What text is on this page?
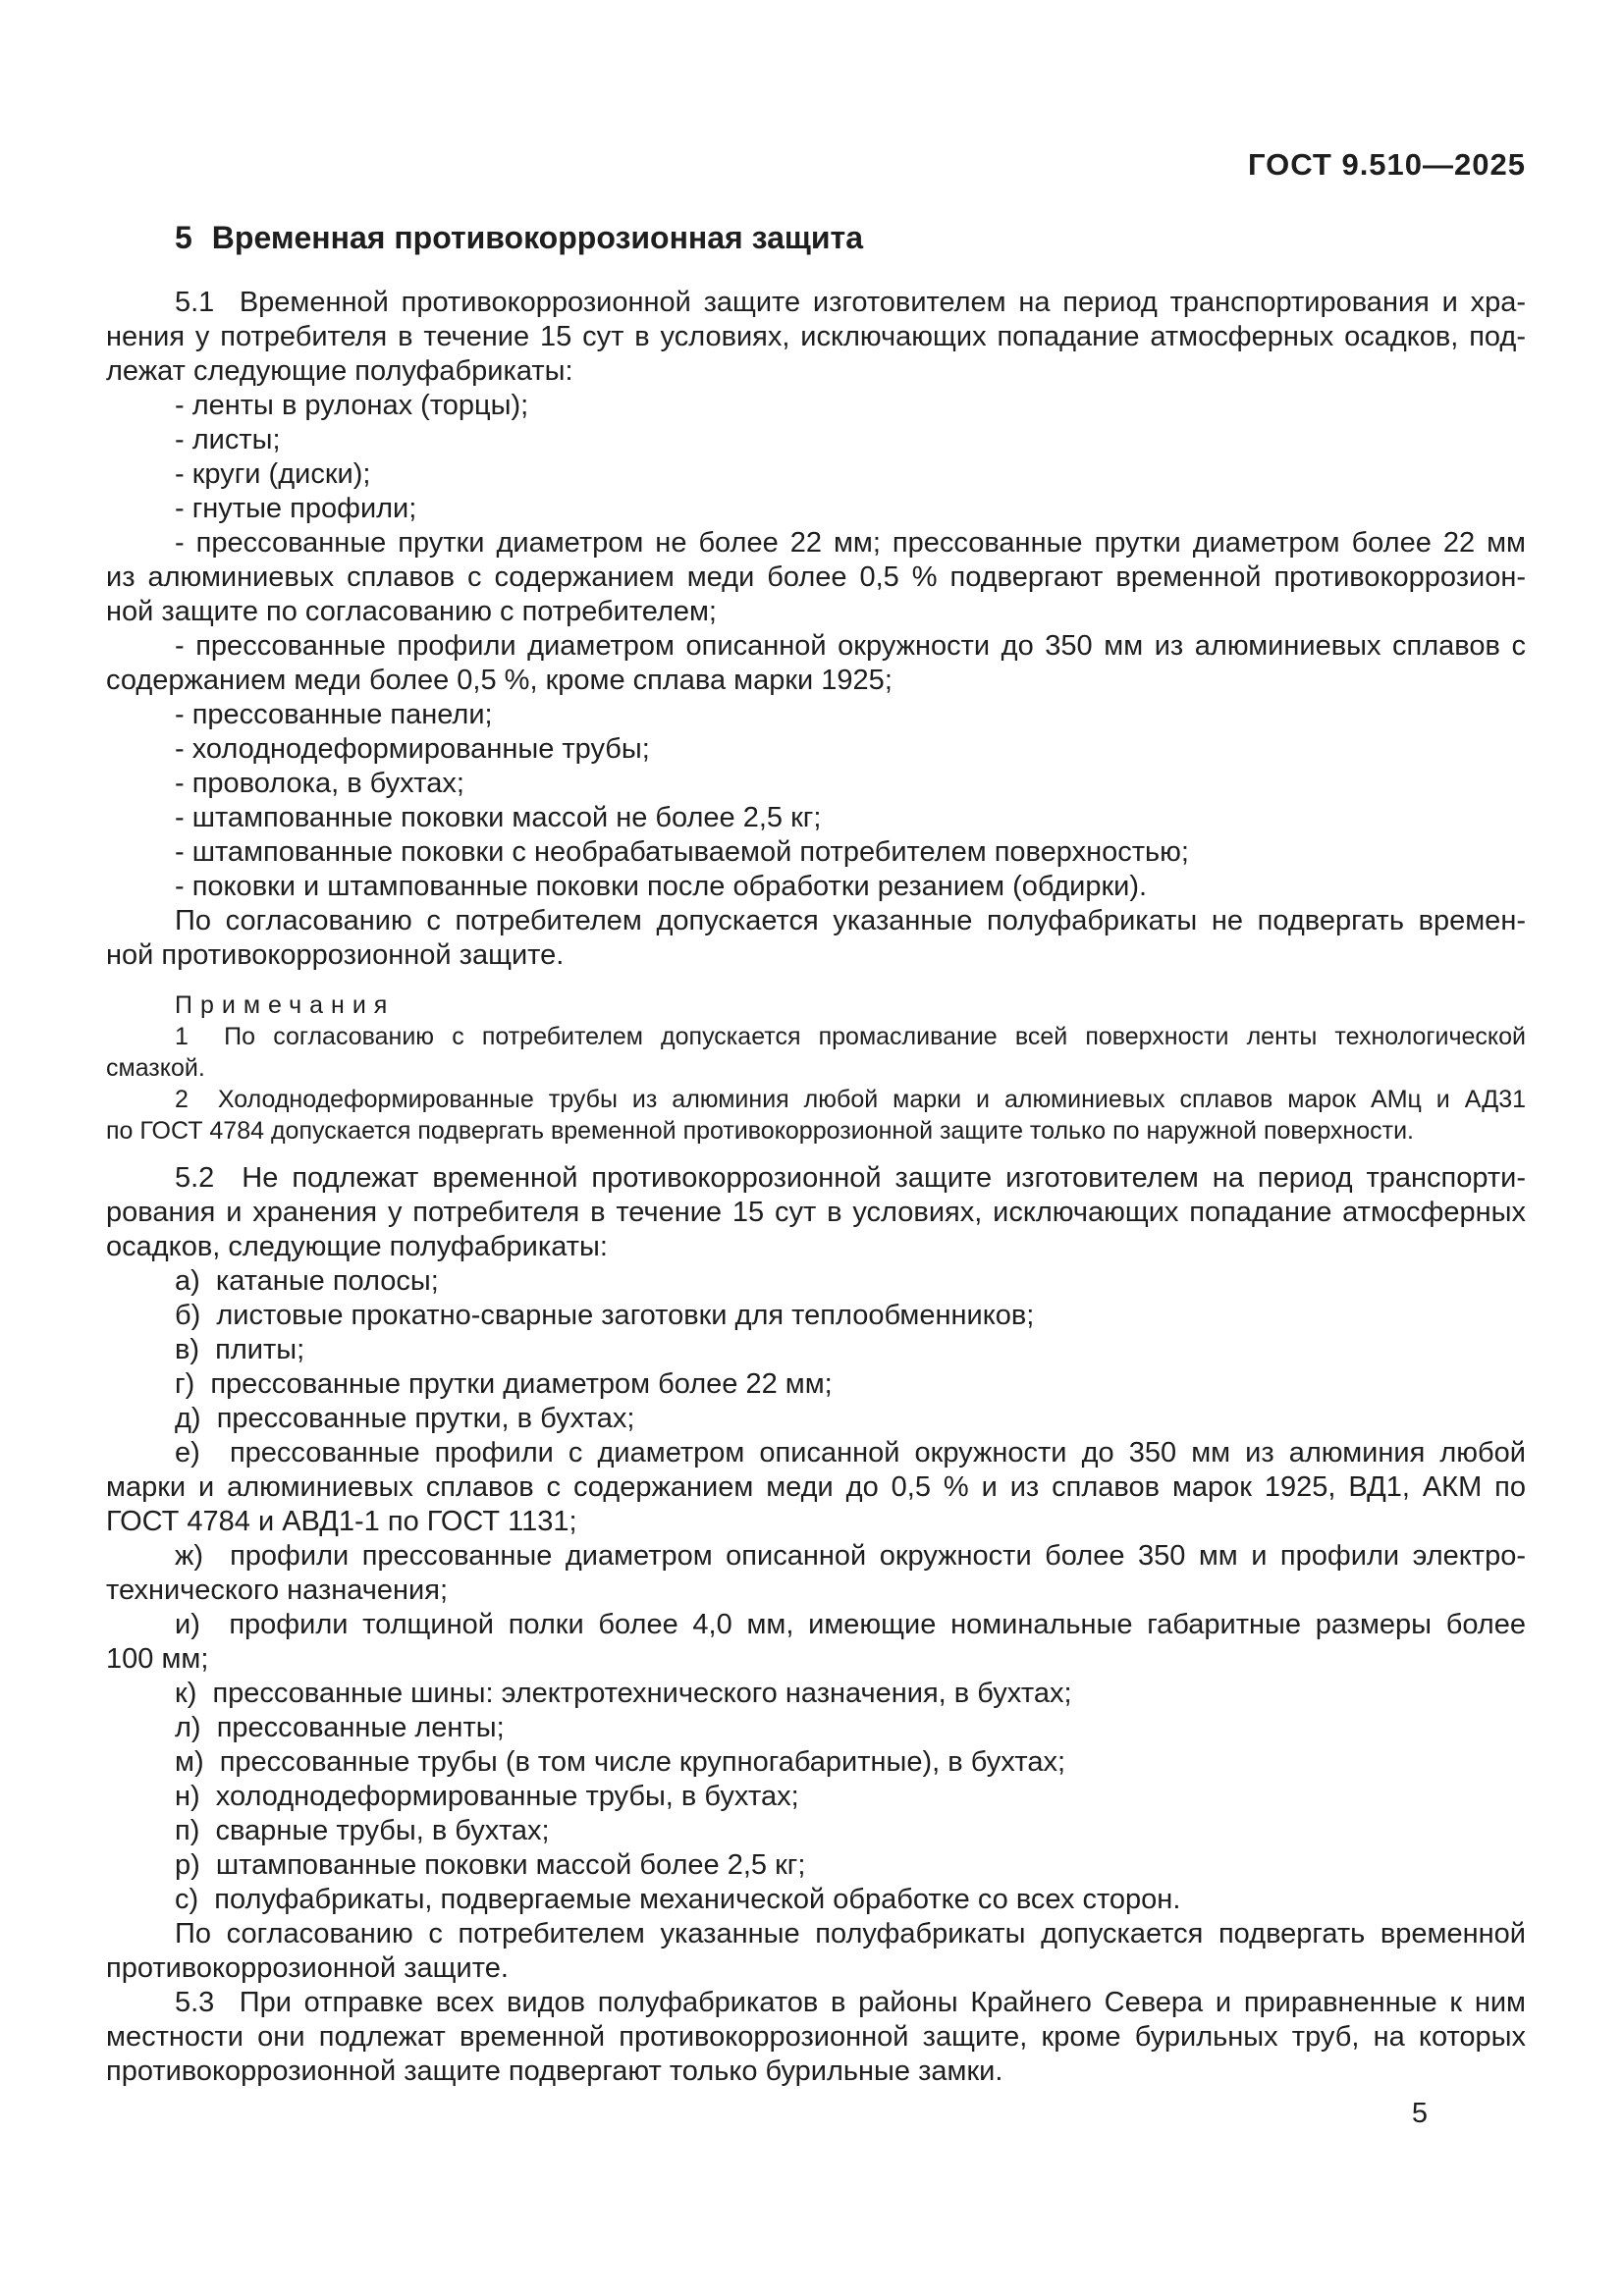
ГОСТ 9.510—2025
5 Временная противокоррозионная защита
5.1  Временной противокоррозионной защите изготовителем на период транспортирования и хра-
нения у потребителя в течение 15 сут в условиях, исключающих попадание атмосферных осадков, под-
лежат следующие полуфабрикаты:
- ленты в рулонах (торцы);
- листы;
- круги (диски);
- гнутые профили;
- прессованные прутки диаметром не более 22 мм; прессованные прутки диаметром более 22 мм
из алюминиевых сплавов с содержанием меди более 0,5 % подвергают временной противокоррозион-
ной защите по согласованию с потребителем;
- прессованные профили диаметром описанной окружности до 350 мм из алюминиевых сплавов с
содержанием меди более 0,5 %, кроме сплава марки 1925;
- прессованные панели;
- холоднодеформированные трубы;
- проволока, в бухтах;
- штампованные поковки массой не более 2,5 кг;
- штампованные поковки с необрабатываемой потребителем поверхностью;
- поковки и штампованные поковки после обработки резанием (обдирки).
По согласованию с потребителем допускается указанные полуфабрикаты не подвергать времен-
ной противокоррозионной защите.
Примечания
1  По согласованию с потребителем допускается промасливание всей поверхности ленты технологической
смазкой.
2  Холоднодеформированные трубы из алюминия любой марки и алюминиевых сплавов марок АМц и АД31
по ГОСТ 4784 допускается подвергать временной противокоррозионной защите только по наружной поверхности.
5.2  Не подлежат временной противокоррозионной защите изготовителем на период транспорти-
рования и хранения у потребителя в течение 15 сут в условиях, исключающих попадание атмосферных
осадков, следующие полуфабрикаты:
а)  катаные полосы;
б)  листовые прокатно-сварные заготовки для теплообменников;
в)  плиты;
г)  прессованные прутки диаметром более 22 мм;
д)  прессованные прутки, в бухтах;
е)  прессованные профили с диаметром описанной окружности до 350 мм из алюминия любой
марки и алюминиевых сплавов с содержанием меди до 0,5 % и из сплавов марок 1925, ВД1, АКМ по
ГОСТ 4784 и АВД1-1 по ГОСТ 1131;
ж)  профили прессованные диаметром описанной окружности более 350 мм и профили электро-
технического назначения;
и)  профили толщиной полки более 4,0 мм, имеющие номинальные габаритные размеры более
100 мм;
к)  прессованные шины: электротехнического назначения, в бухтах;
л)  прессованные ленты;
м)  прессованные трубы (в том числе крупногабаритные), в бухтах;
н)  холоднодеформированные трубы, в бухтах;
п)  сварные трубы, в бухтах;
р)  штампованные поковки массой более 2,5 кг;
с)  полуфабрикаты, подвергаемые механической обработке со всех сторон.
По согласованию с потребителем указанные полуфабрикаты допускается подвергать временной
противокоррозионной защите.
5.3  При отправке всех видов полуфабрикатов в районы Крайнего Севера и приравненные к ним
местности они подлежат временной противокоррозионной защите, кроме бурильных труб, на которых
противокоррозионной защите подвергают только бурильные замки.
5
